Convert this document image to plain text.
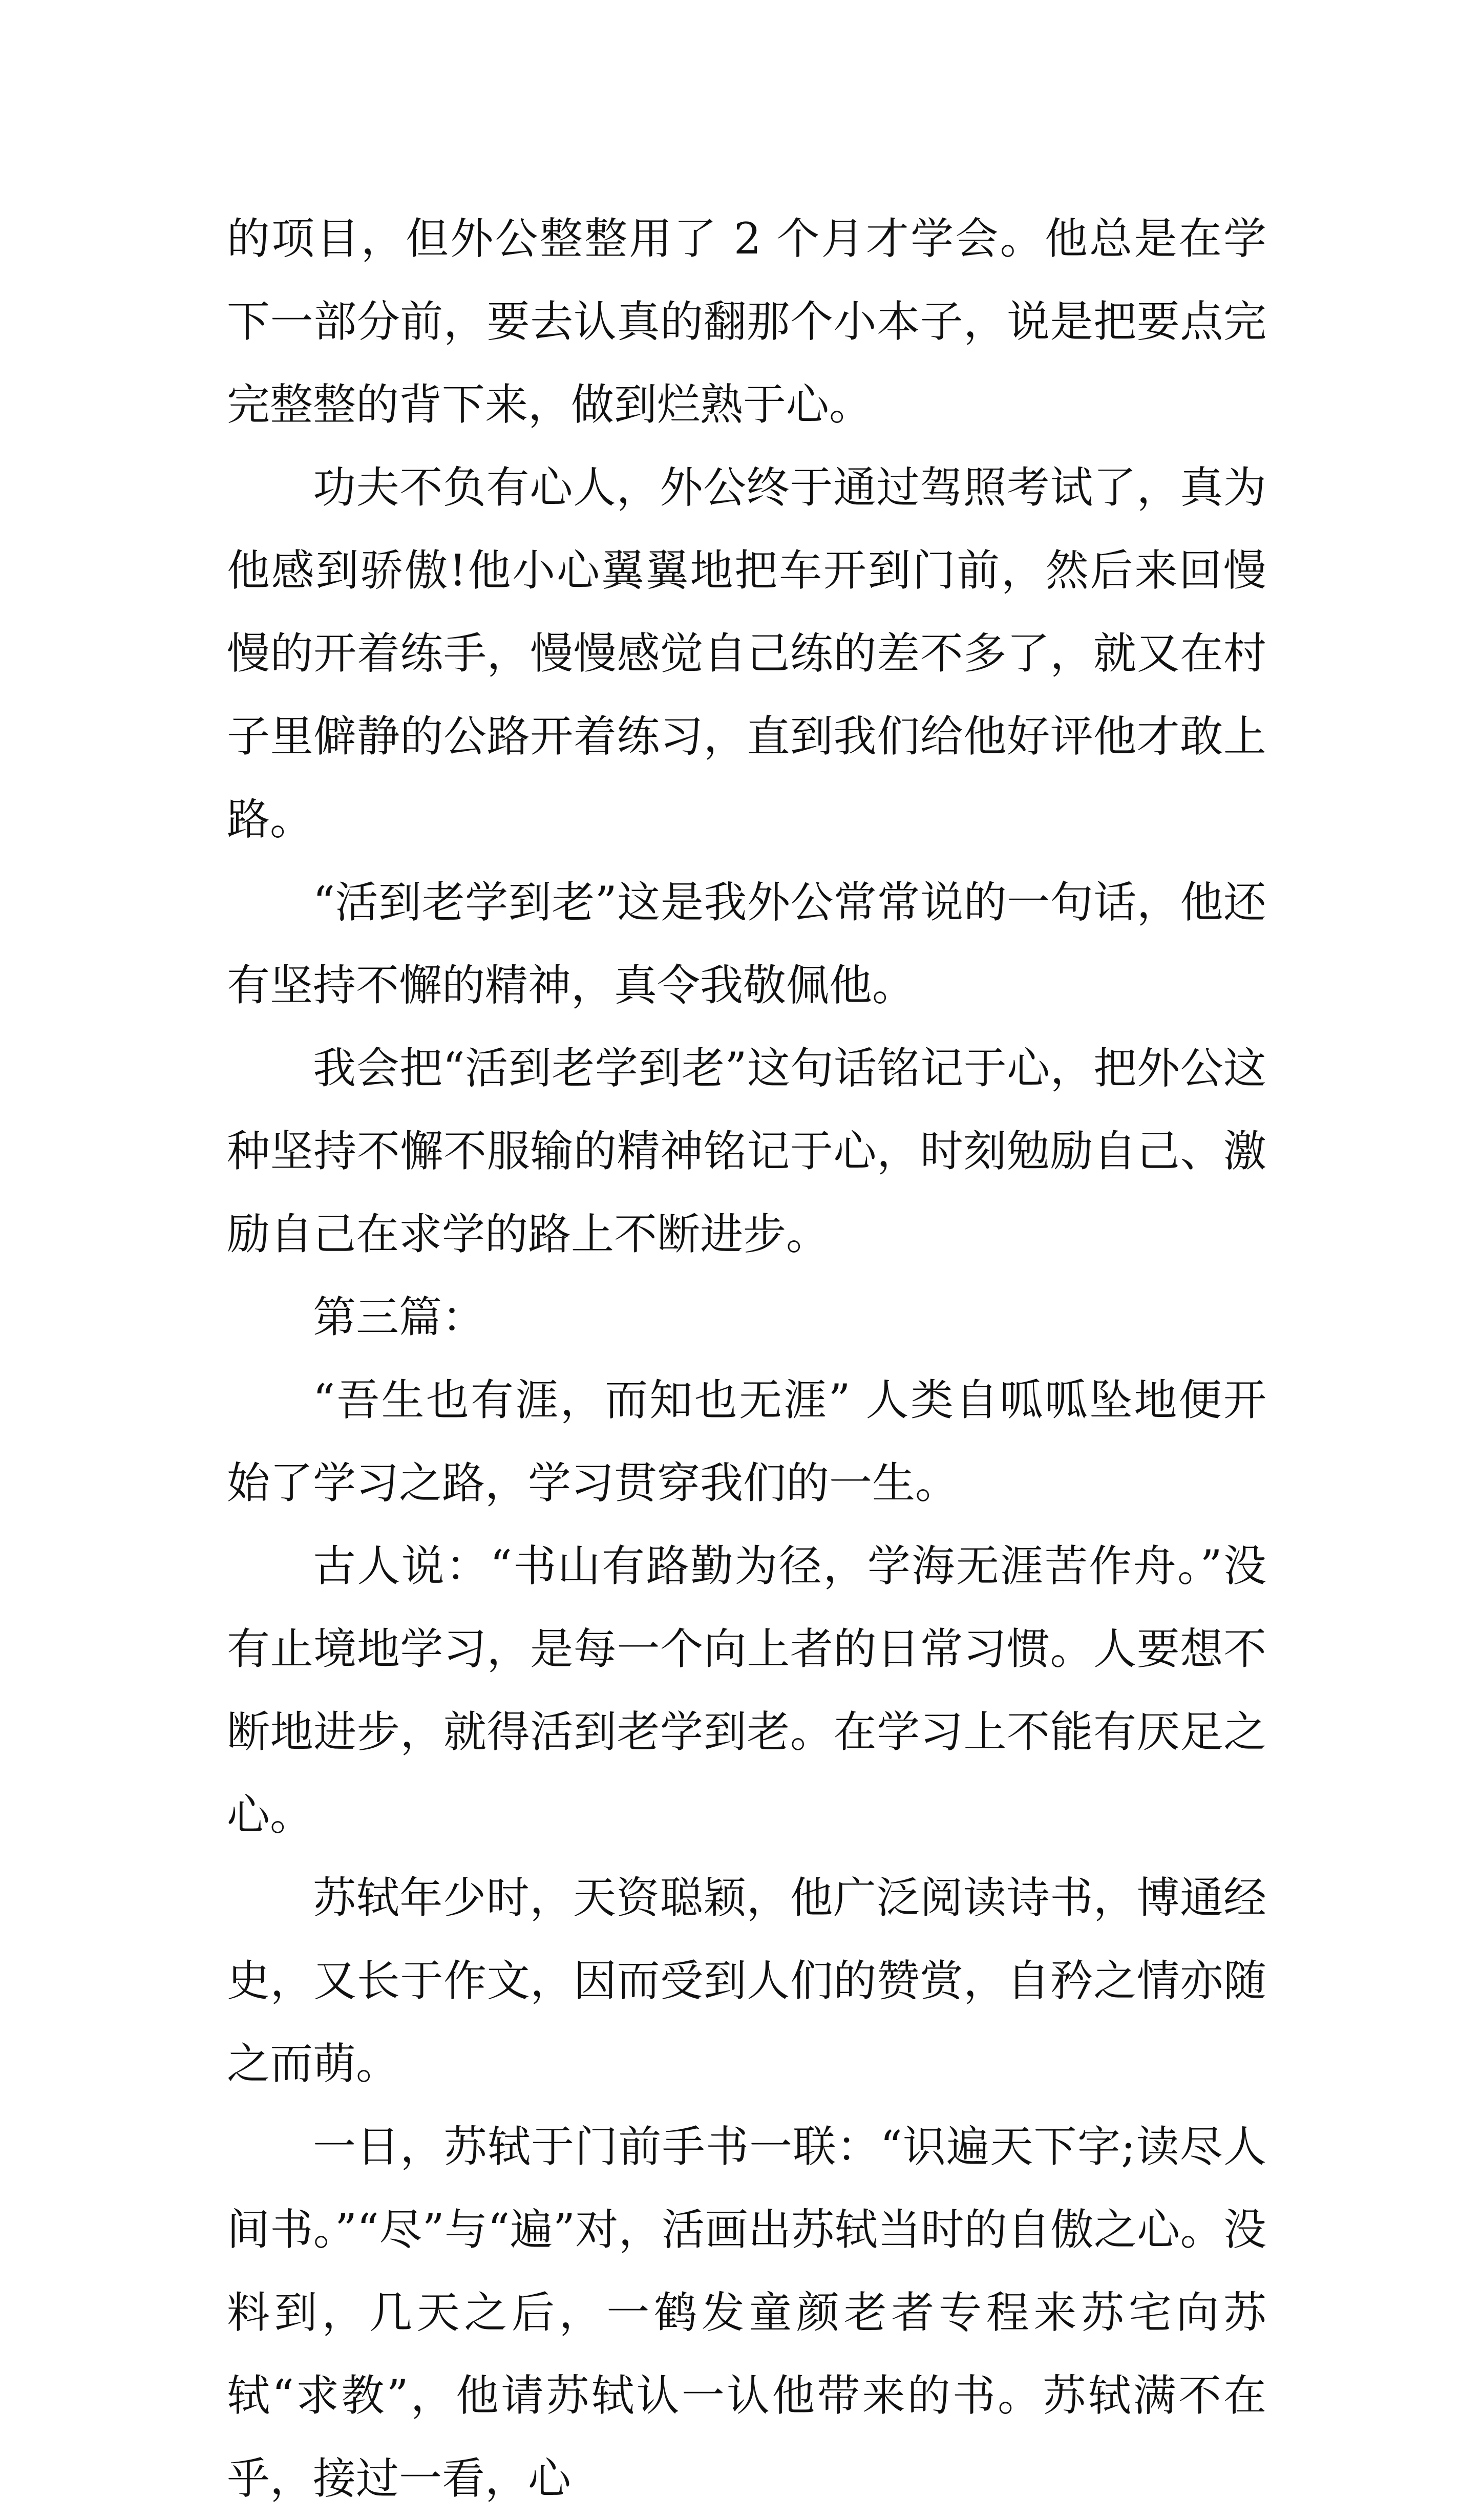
的项目，但外公整整用了 2 个月才学会。他总是在学下一部分前，要去认真的翻那个小本子，说是把要点完完整整的背下来，做到烂熟于心。

功夫不负有心人，外公终于通过驾照考试了，真为他感到骄傲!他小心翼翼地把车开到门前，然后来回慢慢的开着练手，慢慢感觉自己练的差不多了，就又在村子里僻静的公路开着练习，直到我们给他好评他才敢上路。

“活到老学到老”这是我外公常常说的一句话，他还有坚持不懈的精神，真令我敬佩他。

我会把“活到老学到老”这句话铭记于心，把外公这种坚持不懈不服输的精神铭记于心，时刻勉励自己、激励自己在求学的路上不断进步。

第三篇：

“吾生也有涯，而知也无涯” 人类自呱呱坠地便开始了学习之路，学习贯穿我们的一生。

古人说：“书山有路勤为径，学海无涯苦作舟。”没有止境地学习，是每一个向上者的日常习惯。人要想不断地进步，就得活到老学到老。在学习上不能有厌足之心。

苏轼年少时，天资聪颖，他广泛阅读诗书，博通经史，又长于作文，因而受到人们的赞赏，自矜之情亦随之而萌。

一日，苏轼于门前手书一联：“识遍天下字;读尽人间书。”“尽”与“遍”对，活画出苏轼当时的自傲之心。没料到，几天之后，一鹤发童颜老者专程来苏宅向苏轼“求教”，他请苏轼认一认他带来的书。苏轼满不在乎，接过一看，心
